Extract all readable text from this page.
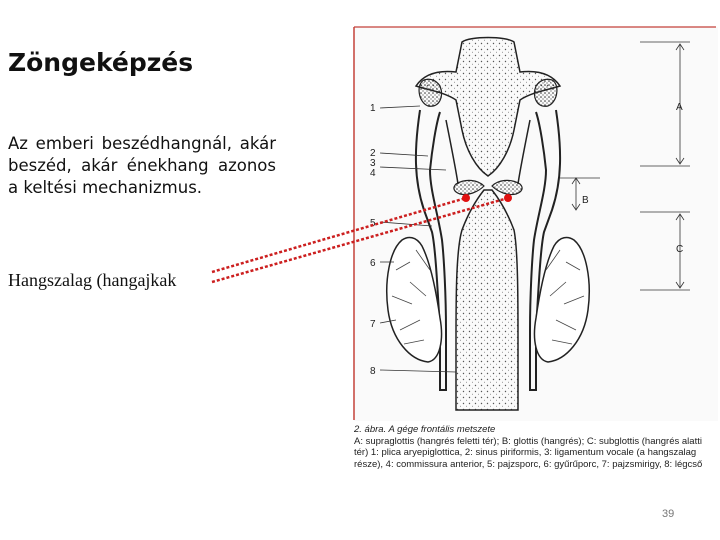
Zöngeképzés
Az emberi beszédhangnál, akár beszéd, akár énekhang azonos a keltési mechanizmus.
Hangszalag (hangajkak
1
2
3
4
5
6
7
8
A
B
C
2. ábra. A gége frontális metszete
A: supraglottis (hangrés feletti tér); B: glottis (hangrés); C: subglottis (hangrés alatti tér) 1: plica aryepiglottica, 2: sinus piriformis, 3: ligamentum vocale (a hangszalag része), 4: commissura anterior, 5: pajzsporc, 6: gyűrűporc, 7: pajzsmirigy, 8: légcső
39
